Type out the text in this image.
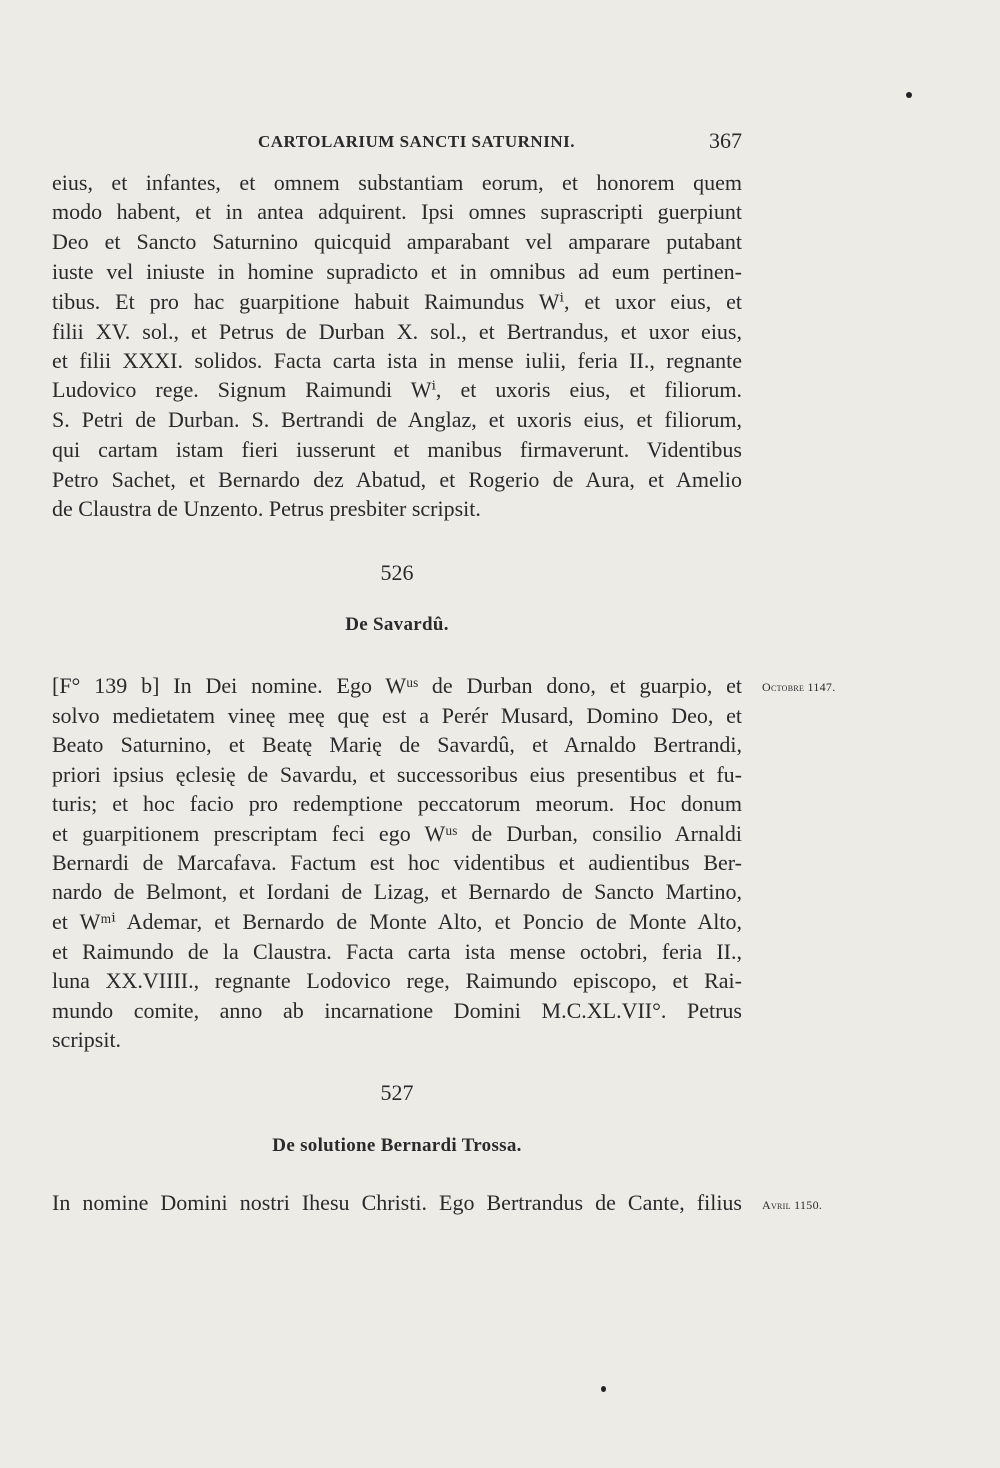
CARTOLARIUM SANCTI SATURNINI.	367
eius, et infantes, et omnem substantiam eorum, et honorem quem
modo habent, et in antea adquirent. Ipsi omnes suprascripti guerpiunt
Deo et Sancto Saturnino quicquid amparabant vel amparare putabant
iuste vel iniuste in homine supradicto et in omnibus ad eum pertinen-
tibus. Et pro hac guarpitione habuit Raimundus Wⁱ, et uxor eius, et
filii XV. sol., et Petrus de Durban X. sol., et Bertrandus, et uxor eius,
et filii XXXI. solidos. Facta carta ista in mense iulii, feria II., regnante
Ludovico rege. Signum Raimundi Wⁱ, et uxoris eius, et filiorum.
S. Petri de Durban. S. Bertrandi de Anglaz, et uxoris eius, et filiorum,
qui cartam istam fieri iusserunt et manibus firmaverunt. Videntibus
Petro Sachet, et Bernardo dez Abatud, et Rogerio de Aura, et Amelio
de Claustra de Unzento. Petrus presbiter scripsit.
526
De Savardû.
Octobre 1147.
[F° 139 b] In Dei nomine. Ego Wᵘˢ de Durban dono, et guarpio, et
solvo medietatem vineę meę quę est a Perér Musard, Domino Deo, et
Beato Saturnino, et Beatę Marię de Savardû, et Arnaldo Bertrandi,
priori ipsius ęclesię de Savardu, et successoribus eius presentibus et fu-
turis; et hoc facio pro redemptione peccatorum meorum. Hoc donum
et guarpitionem prescriptam feci ego Wᵘˢ de Durban, consilio Arnaldi
Bernardi de Marcafava. Factum est hoc videntibus et audientibus Ber-
nardo de Belmont, et Iordani de Lizag, et Bernardo de Sancto Martino,
et Wᵐⁱ Ademar, et Bernardo de Monte Alto, et Poncio de Monte Alto,
et Raimundo de la Claustra. Facta carta ista mense octobri, feria II.,
luna XX.VIIII., regnante Lodovico rege, Raimundo episcopo, et Rai-
mundo comite, anno ab incarnatione Domini M.C.XL.VII°. Petrus
scripsit.
527
De solutione Bernardi Trossa.
Avril 1150.
In nomine Domini nostri Ihesu Christi. Ego Bertrandus de Cante, filius
